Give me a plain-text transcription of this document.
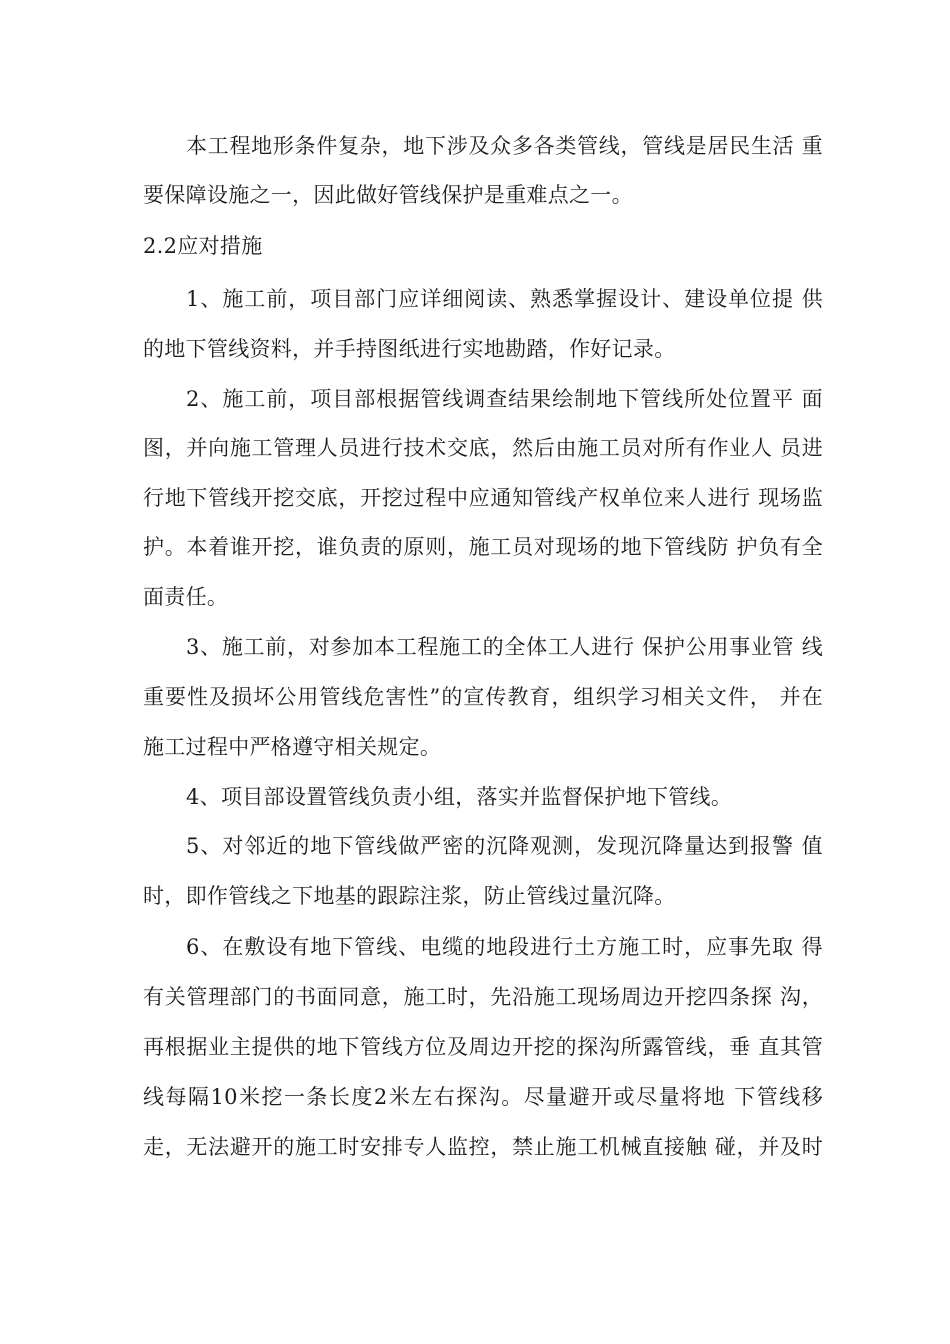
本工程地形条件复杂，地下涉及众多各类管线，管线是居民生活 重
要保障设施之一，因此做好管线保护是重难点之一。
2.2应对措施
1、施工前，项目部门应详细阅读、熟悉掌握设计、建设单位提 供
的地下管线资料，并手持图纸进行实地勘踏，作好记录。
2、施工前，项目部根据管线调查结果绘制地下管线所处位置平 面
图，并向施工管理人员进行技术交底，然后由施工员对所有作业人 员进
行地下管线开挖交底，开挖过程中应通知管线产权单位来人进行 现场监
护。本着谁开挖，谁负责的原则，施工员对现场的地下管线防 护负有全
面责任。
3、施工前，对参加本工程施工的全体工人进行 保护公用事业管 线
重要性及损坏公用管线危害性”的宣传教育，组织学习相关文件， 并在
施工过程中严格遵守相关规定。
4、项目部设置管线负责小组，落实并监督保护地下管线。
5、对邻近的地下管线做严密的沉降观测，发现沉降量达到报警 值
时，即作管线之下地基的跟踪注浆，防止管线过量沉降。
6、在敷设有地下管线、电缆的地段进行土方施工时，应事先取 得
有关管理部门的书面同意，施工时，先沿施工现场周边开挖四条探 沟，
再根据业主提供的地下管线方位及周边开挖的探沟所露管线，垂 直其管
线每隔10米挖一条长度2米左右探沟。尽量避开或尽量将地 下管线移
走，无法避开的施工时安排专人监控，禁止施工机械直接触 碰，并及时
